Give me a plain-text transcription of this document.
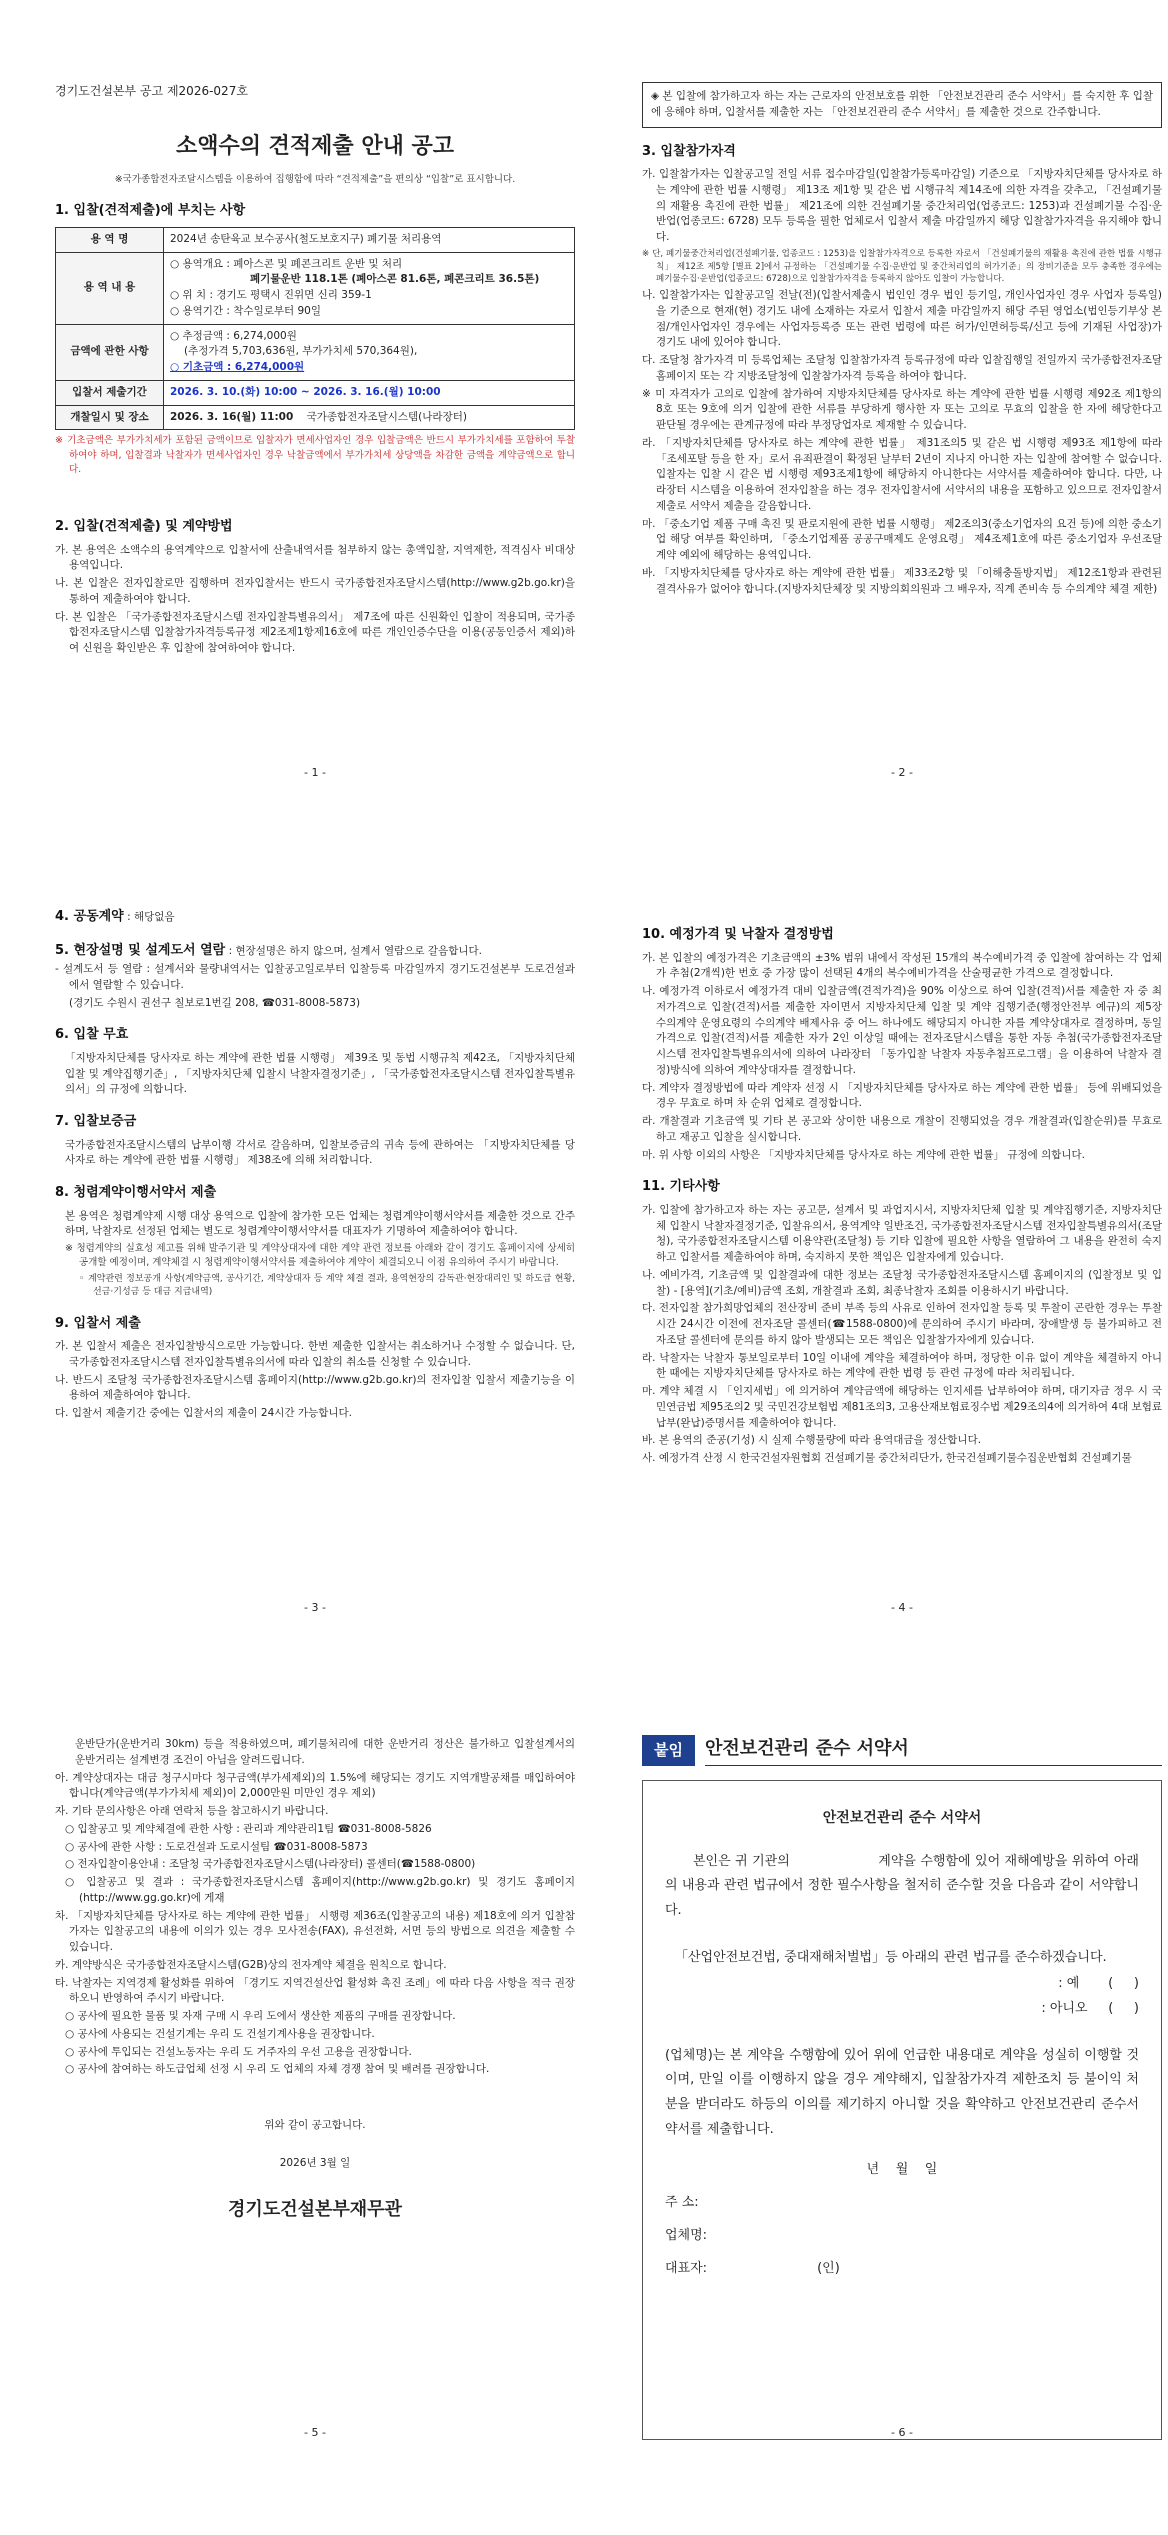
경기도건설본부 공고 제2026-027호
소액수의 견적제출 안내 공고
※국가종합전자조달시스템을 이용하여 집행함에 따라 “견적제출”을 편의상 “입찰”로 표시합니다.
1. 입찰(견적제출)에 부치는 사항
용 역 명	2024년 송탄육교 보수공사(철도보호지구) 폐기물 처리용역
용 역 내 용	○ 용역개요 : 폐아스콘 및 폐콘크리트 운반 및 처리
폐기물운반 118.1톤 (폐아스콘 81.6톤, 폐콘크리트 36.5톤)
○ 위 치 : 경기도 평택시 진위면 신리 359-1
○ 용역기간 : 착수일로부터 90일

금액에 관한 사항	○ 추정금액 : 6,274,000원
(추정가격 5,703,636원, 부가가치세 570,364원),
○ 기초금액 : 6,274,000원

입찰서 제출기간	2026. 3. 10.(화) 10:00 ~ 2026. 3. 16.(월) 10:00
개찰일시 및 장소	2026. 3. 16(월) 11:00 국가종합전자조달시스템(나라장터)
※ 기초금액은 부가가치세가 포함된 금액이므로 입찰자가 면세사업자인 경우 입찰금액은 반드시 부가가치세를 포함하여 투찰하여야 하며, 입찰결과 낙찰자가 면세사업자인 경우 낙찰금액에서 부가가치세 상당액을 차감한 금액을 계약금액으로 합니다.
2. 입찰(견적제출) 및 계약방법
가. 본 용역은 소액수의 용역계약으로 입찰서에 산출내역서를 첨부하지 않는 총액입찰, 지역제한, 적격심사 비대상 용역입니다.
나. 본 입찰은 전자입찰로만 집행하며 전자입찰서는 반드시 국가종합전자조달시스템(http://www.g2b.go.kr)을 통하여 제출하여야 합니다.
다. 본 입찰은 「국가종합전자조달시스템 전자입찰특별유의서」 제7조에 따른 신원확인 입찰이 적용되며, 국가종합전자조달시스템 입찰참가자격등록규정 제2조제1항제16호에 따른 개인인증수단을 이용(공동인증서 제외)하여 신원을 확인받은 후 입찰에 참여하여야 합니다.
- 1 -
◈ 본 입찰에 참가하고자 하는 자는 근로자의 안전보호를 위한 「안전보건관리 준수 서약서」를 숙지한 후 입찰에 응해야 하며, 입찰서를 제출한 자는 「안전보건관리 준수 서약서」를 제출한 것으로 간주합니다.
3. 입찰참가자격
가. 입찰참가자는 입찰공고일 전일 서류 접수마감일(입찰참가등록마감일) 기준으로 「지방자치단체를 당사자로 하는 계약에 관한 법률 시행령」 제13조 제1항 및 같은 법 시행규칙 제14조에 의한 자격을 갖추고, 「건설폐기물의 재활용 촉진에 관한 법률」 제21조에 의한 건설폐기물 중간처리업(업종코드: 1253)과 건설폐기물 수집·운반업(업종코드: 6728) 모두 등록을 필한 업체로서 입찰서 제출 마감일까지 해당 입찰참가자격을 유지해야 합니다.
※ 단, 폐기물중간처리업(건설폐기물, 업종코드 : 1253)을 입찰참가자격으로 등록한 자로서 「건설폐기물의 재활용 촉진에 관한 법률 시행규칙」 제12조 제5항 [별표 2]에서 규정하는 「건설폐기물 수집·운반업 및 중간처리업의 허가기준」의 장비기준을 모두 충족한 경우에는 폐기물수집·운반업(업종코드: 6728)으로 입찰참가자격을 등록하지 않아도 입찰이 가능합니다.
나. 입찰참가자는 입찰공고일 전날(전)(입찰서제출시 법인인 경우 법인 등기일, 개인사업자인 경우 사업자 등록일)을 기준으로 현재(현) 경기도 내에 소재하는 자로서 입찰서 제출 마감일까지 해당 주된 영업소(법인등기부상 본점/개인사업자인 경우에는 사업자등록증 또는 관련 법령에 따른 허가/인면허등록/신고 등에 기재된 사업장)가 경기도 내에 있어야 합니다.
다. 조달청 참가자격 미 등록업체는 조달청 입찰참가자격 등록규정에 따라 입찰집행일 전일까지 국가종합전자조달 홈페이지 또는 각 지방조달청에 입찰참가자격 등록을 하여야 합니다.
※ 미 자격자가 고의로 입찰에 참가하여 지방자치단체를 당사자로 하는 계약에 관한 법률 시행령 제92조 제1항의 8호 또는 9호에 의거 입찰에 관한 서류를 부당하게 행사한 자 또는 고의로 무효의 입찰을 한 자에 해당한다고 판단될 경우에는 관계규정에 따라 부정당업자로 제재할 수 있습니다.
라. 「지방자치단체를 당사자로 하는 계약에 관한 법률」 제31조의5 및 같은 법 시행령 제93조 제1항에 따라 「조세포탈 등을 한 자」로서 유죄판결이 확정된 날부터 2년이 지나지 아니한 자는 입찰에 참여할 수 없습니다. 입찰자는 입찰 시 같은 법 시행령 제93조제1항에 해당하지 아니한다는 서약서를 제출하여야 합니다. 다만, 나라장터 시스템을 이용하여 전자입찰을 하는 경우 전자입찰서에 서약서의 내용을 포함하고 있으므로 전자입찰서 제출로 서약서 제출을 갈음합니다.
마. 「중소기업 제품 구매 촉진 및 판로지원에 관한 법률 시행령」 제2조의3(중소기업자의 요건 등)에 의한 중소기업 해당 여부를 확인하며, 「중소기업제품 공공구매제도 운영요령」 제4조제1호에 따른 중소기업자 우선조달계약 예외에 해당하는 용역입니다.
바. 「지방자치단체를 당사자로 하는 계약에 관한 법률」 제33조2항 및 「이해충돌방지법」 제12조1항과 관련된 결격사유가 없어야 합니다.(지방자치단체장 및 지방의회의원과 그 배우자, 직계 존비속 등 수의계약 체결 제한)
- 2 -
4. 공동계약 : 해당없음
5. 현장설명 및 설계도서 열람 : 현장설명은 하지 않으며, 설계서 열람으로 갈음합니다.
- 설계도서 등 열람 : 설계서와 물량내역서는 입찰공고일로부터 입찰등록 마감일까지 경기도건설본부 도로건설과에서 열람할 수 있습니다.
(경기도 수원시 권선구 칠보로1번길 208, ☎031-8008-5873)
6. 입찰 무효
「지방자치단체를 당사자로 하는 계약에 관한 법률 시행령」 제39조 및 동법 시행규칙 제42조, 「지방자치단체 입찰 및 계약집행기준」, 「지방자치단체 입찰시 낙찰자결정기준」, 「국가종합전자조달시스템 전자입찰특별유의서」의 규정에 의합니다.
7. 입찰보증금
국가종합전자조달시스템의 납부이행 각서로 갈음하며, 입찰보증금의 귀속 등에 관하여는 「지방자치단체를 당사자로 하는 계약에 관한 법률 시행령」 제38조에 의해 처리합니다.
8. 청렴계약이행서약서 제출
본 용역은 청렴계약제 시행 대상 용역으로 입찰에 참가한 모든 업체는 청렴계약이행서약서를 제출한 것으로 간주하며, 낙찰자로 선정된 업체는 별도로 청렴계약이행서약서를 대표자가 기명하여 제출하여야 합니다.
※ 청렴계약의 실효성 제고를 위해 발주기관 및 계약상대자에 대한 계약 관련 정보를 아래와 같이 경기도 홈페이지에 상세히 공개할 예정이며, 계약체결 시 청렴계약이행서약서를 제출하여야 계약이 체결되오니 이점 유의하여 주시기 바랍니다.
◦ 계약관련 정보공개 사항(계약금액, 공사기간, 계약상대자 등 계약 체결 결과, 용역현장의 감독관·현장대리인 및 하도급 현황, 선금·기성금 등 대금 지급내역)
9. 입찰서 제출
가. 본 입찰서 제출은 전자입찰방식으로만 가능합니다. 한번 제출한 입찰서는 취소하거나 수정할 수 없습니다. 단, 국가종합전자조달시스템 전자입찰특별유의서에 따라 입찰의 취소를 신청할 수 있습니다.
나. 반드시 조달청 국가종합전자조달시스템 홈페이지(http://www.g2b.go.kr)의 전자입찰 입찰서 제출기능을 이용하여 제출하여야 합니다.
다. 입찰서 제출기간 중에는 입찰서의 제출이 24시간 가능합니다.
- 3 -
10. 예정가격 및 낙찰자 결정방법
가. 본 입찰의 예정가격은 기초금액의 ±3% 범위 내에서 작성된 15개의 복수예비가격 중 입찰에 참여하는 각 업체가 추첨(2개씩)한 번호 중 가장 많이 선택된 4개의 복수예비가격을 산술평균한 가격으로 결정합니다.
나. 예정가격 이하로서 예정가격 대비 입찰금액(견적가격)을 90% 이상으로 하여 입찰(견적)서를 제출한 자 중 최저가격으로 입찰(견적)서를 제출한 자이면서 지방자치단체 입찰 및 계약 집행기준(행정안전부 예규)의 제5장 수의계약 운영요령의 수의계약 배제사유 중 어느 하나에도 해당되지 아니한 자를 계약상대자로 결정하며, 동일가격으로 입찰(견적)서를 제출한 자가 2인 이상일 때에는 전자조달시스템을 통한 자동 추첨(국가종합전자조달시스템 전자입찰특별유의서에 의하여 나라장터 「동가입찰 낙찰자 자동추첨프로그램」을 이용하여 낙찰자 결정)방식에 의하여 계약상대자를 결정합니다.
다. 계약자 결정방법에 따라 계약자 선정 시 「지방자치단체를 당사자로 하는 계약에 관한 법률」 등에 위배되었을 경우 무효로 하며 차 순위 업체로 결정합니다.
라. 개찰결과 기초금액 및 기타 본 공고와 상이한 내용으로 개찰이 진행되었을 경우 개찰결과(입찰순위)를 무효로 하고 재공고 입찰을 실시합니다.
마. 위 사항 이외의 사항은 「지방자치단체를 당사자로 하는 계약에 관한 법률」 규정에 의합니다.
11. 기타사항
가. 입찰에 참가하고자 하는 자는 공고문, 설계서 및 과업지시서, 지방자치단체 입찰 및 계약집행기준, 지방자치단체 입찰시 낙찰자결정기준, 입찰유의서, 용역계약 일반조건, 국가종합전자조달시스템 전자입찰특별유의서(조달청), 국가종합전자조달시스템 이용약관(조달청) 등 기타 입찰에 필요한 사항을 열람하여 그 내용을 완전히 숙지하고 입찰서를 제출하여야 하며, 숙지하지 못한 책임은 입찰자에게 있습니다.
나. 예비가격, 기초금액 및 입찰결과에 대한 정보는 조달청 국가종합전자조달시스템 홈페이지의 (입찰정보 및 입찰) - [용역](기초/예비)금액 조회, 개찰결과 조회, 최종낙찰자 조회를 이용하시기 바랍니다.
다. 전자입찰 참가희망업체의 전산장비 준비 부족 등의 사유로 인하여 전자입찰 등록 및 투찰이 곤란한 경우는 투찰시간 24시간 이전에 전자조달 콜센터(☎1588-0800)에 문의하여 주시기 바라며, 장애발생 등 불가피하고 전자조달 콜센터에 문의를 하지 않아 발생되는 모든 책임은 입찰참가자에게 있습니다.
라. 낙찰자는 낙찰자 통보일로부터 10일 이내에 계약을 체결하여야 하며, 정당한 이유 없이 계약을 체결하지 아니한 때에는 지방자치단체를 당사자로 하는 계약에 관한 법령 등 관련 규정에 따라 처리됩니다.
마. 계약 체결 시 「인지세법」에 의거하여 계약금액에 해당하는 인지세를 납부하여야 하며, 대기자금 정우 시 국민연금법 제95조의2 및 국민건강보험법 제81조의3, 고용산재보험료징수법 제29조의4에 의거하여 4대 보험료 납부(완납)증명서를 제출하여야 합니다.
바. 본 용역의 준공(기성) 시 실제 수행물량에 따라 용역대금을 정산합니다.
사. 예정가격 산정 시 한국건설자원협회 건설폐기물 중간처리단가, 한국건설폐기물수집운반협회 건설폐기물
- 4 -
운반단가(운반거리 30km) 등을 적용하였으며, 폐기물처리에 대한 운반거리 정산은 불가하고 입찰설계서의 운반거리는 설계변경 조건이 아님을 알려드립니다.
아. 계약상대자는 대금 청구시마다 청구금액(부가세제외)의 1.5%에 해당되는 경기도 지역개발공채를 매입하여야 합니다(계약금액(부가가치세 제외)이 2,000만원 미만인 경우 제외)
자. 기타 문의사항은 아래 연락처 등을 참고하시기 바랍니다.
○ 입찰공고 및 계약체결에 관한 사항 : 관리과 계약관리1팀 ☎031-8008-5826
○ 공사에 관한 사항 : 도로건설과 도로시설팀 ☎031-8008-5873
○ 전자입찰이용안내 : 조달청 국가종합전자조달시스템(나라장터) 콜센터(☎1588-0800)
○ 입찰공고 및 결과 : 국가종합전자조달시스템 홈페이지(http://www.g2b.go.kr) 및 경기도 홈페이지(http://www.gg.go.kr)에 게재
차. 「지방자치단체를 당사자로 하는 계약에 관한 법률」 시행령 제36조(입찰공고의 내용) 제18호에 의거 입찰참가자는 입찰공고의 내용에 이의가 있는 경우 모사전송(FAX), 유선전화, 서면 등의 방법으로 의견을 제출할 수 있습니다.
카. 계약방식은 국가종합전자조달시스템(G2B)상의 전자계약 체결을 원칙으로 합니다.
타. 낙찰자는 지역경제 활성화를 위하여 「경기도 지역건설산업 활성화 촉진 조례」에 따라 다음 사항을 적극 권장하오니 반영하여 주시기 바랍니다.
○ 공사에 필요한 물품 및 자재 구매 시 우리 도에서 생산한 제품의 구매를 권장합니다.
○ 공사에 사용되는 건설기계는 우리 도 건설기계사용을 권장합니다.
○ 공사에 투입되는 건설노동자는 우리 도 거주자의 우선 고용을 권장합니다.
○ 공사에 참여하는 하도급업체 선정 시 우리 도 업체의 자체 경쟁 참여 및 배려를 권장합니다.
위와 같이 공고합니다.
2026년 3월 일
경기도건설본부재무관
- 5 -
붙임	안전보건관리 준수 서약서
안전보건관리 준수 서약서
본인은 귀 기관의                    계약을 수행함에 있어 재해예방을 위하여 아래의 내용과 관련 법규에서 정한 필수사항을 철저히 준수할 것을 다음과 같이 서약합니다.
「산업안전보건법, 중대재해처벌법」등 아래의 관련 법규를 준수하겠습니다.
: 예       (     )
: 아니오     (     )
(업체명)는 본 계약을 수행함에 있어 위에 언급한 내용대로 계약을 성실히 이행할 것이며, 만일 이를 이행하지 않을 경우 계약해지, 입찰참가자격 제한조치 등 불이익 처분을 받더라도 하등의 이의를 제기하지 아니할 것을 확약하고 안전보건관리 준수서약서를 제출합니다.
년    월    일
주 소:
업체명:
대표자:	(인)
- 6 -
